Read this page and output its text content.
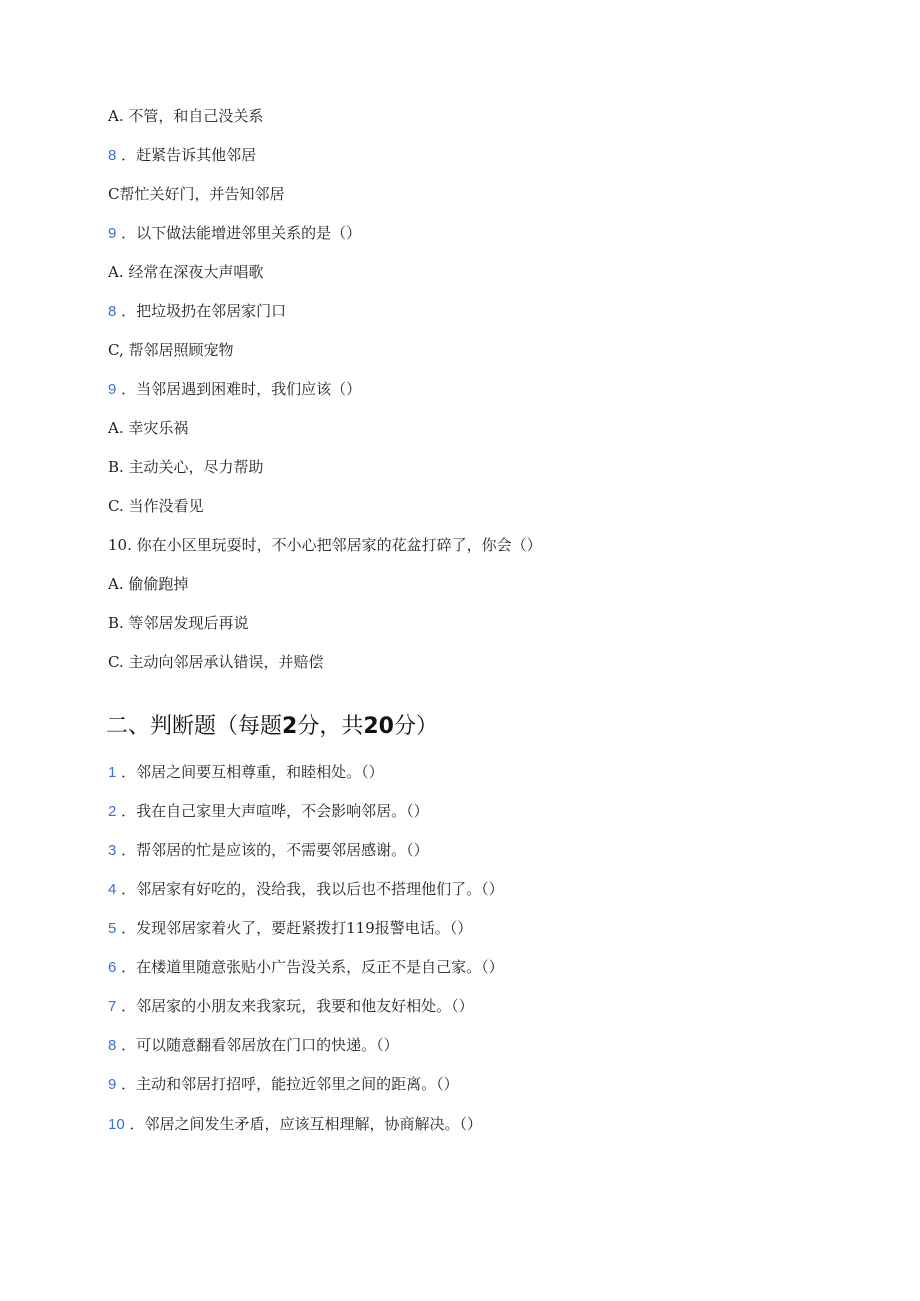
A. 不管，和自己没关系
8 ．赶紧告诉其他邻居
C帮忙关好门，并告知邻居
9 ．以下做法能增进邻里关系的是（）
A. 经常在深夜大声唱歌
8 ．把垃圾扔在邻居家门口
C, 帮邻居照顾宠物
9 ．当邻居遇到困难时，我们应该（）
A. 幸灾乐祸
B. 主动关心，尽力帮助
C. 当作没看见
10. 你在小区里玩耍时，不小心把邻居家的花盆打碎了，你会（）
A. 偷偷跑掉
B. 等邻居发现后再说
C. 主动向邻居承认错误，并赔偿
二、判断题（每题2分，共20分）
1 ．邻居之间要互相尊重，和睦相处。（）
2 ．我在自己家里大声喧哗，不会影响邻居。（）
3 ．帮邻居的忙是应该的，不需要邻居感谢。（）
4 ．邻居家有好吃的，没给我，我以后也不搭理他们了。（）
5 ．发现邻居家着火了，要赶紧拨打119报警电话。（）
6 ．在楼道里随意张贴小广告没关系，反正不是自己家。（）
7 ．邻居家的小朋友来我家玩，我要和他友好相处。（）
8 ．可以随意翻看邻居放在门口的快递。（）
9 ．主动和邻居打招呼，能拉近邻里之间的距离。（）
10 ．邻居之间发生矛盾，应该互相理解，协商解决。（）
